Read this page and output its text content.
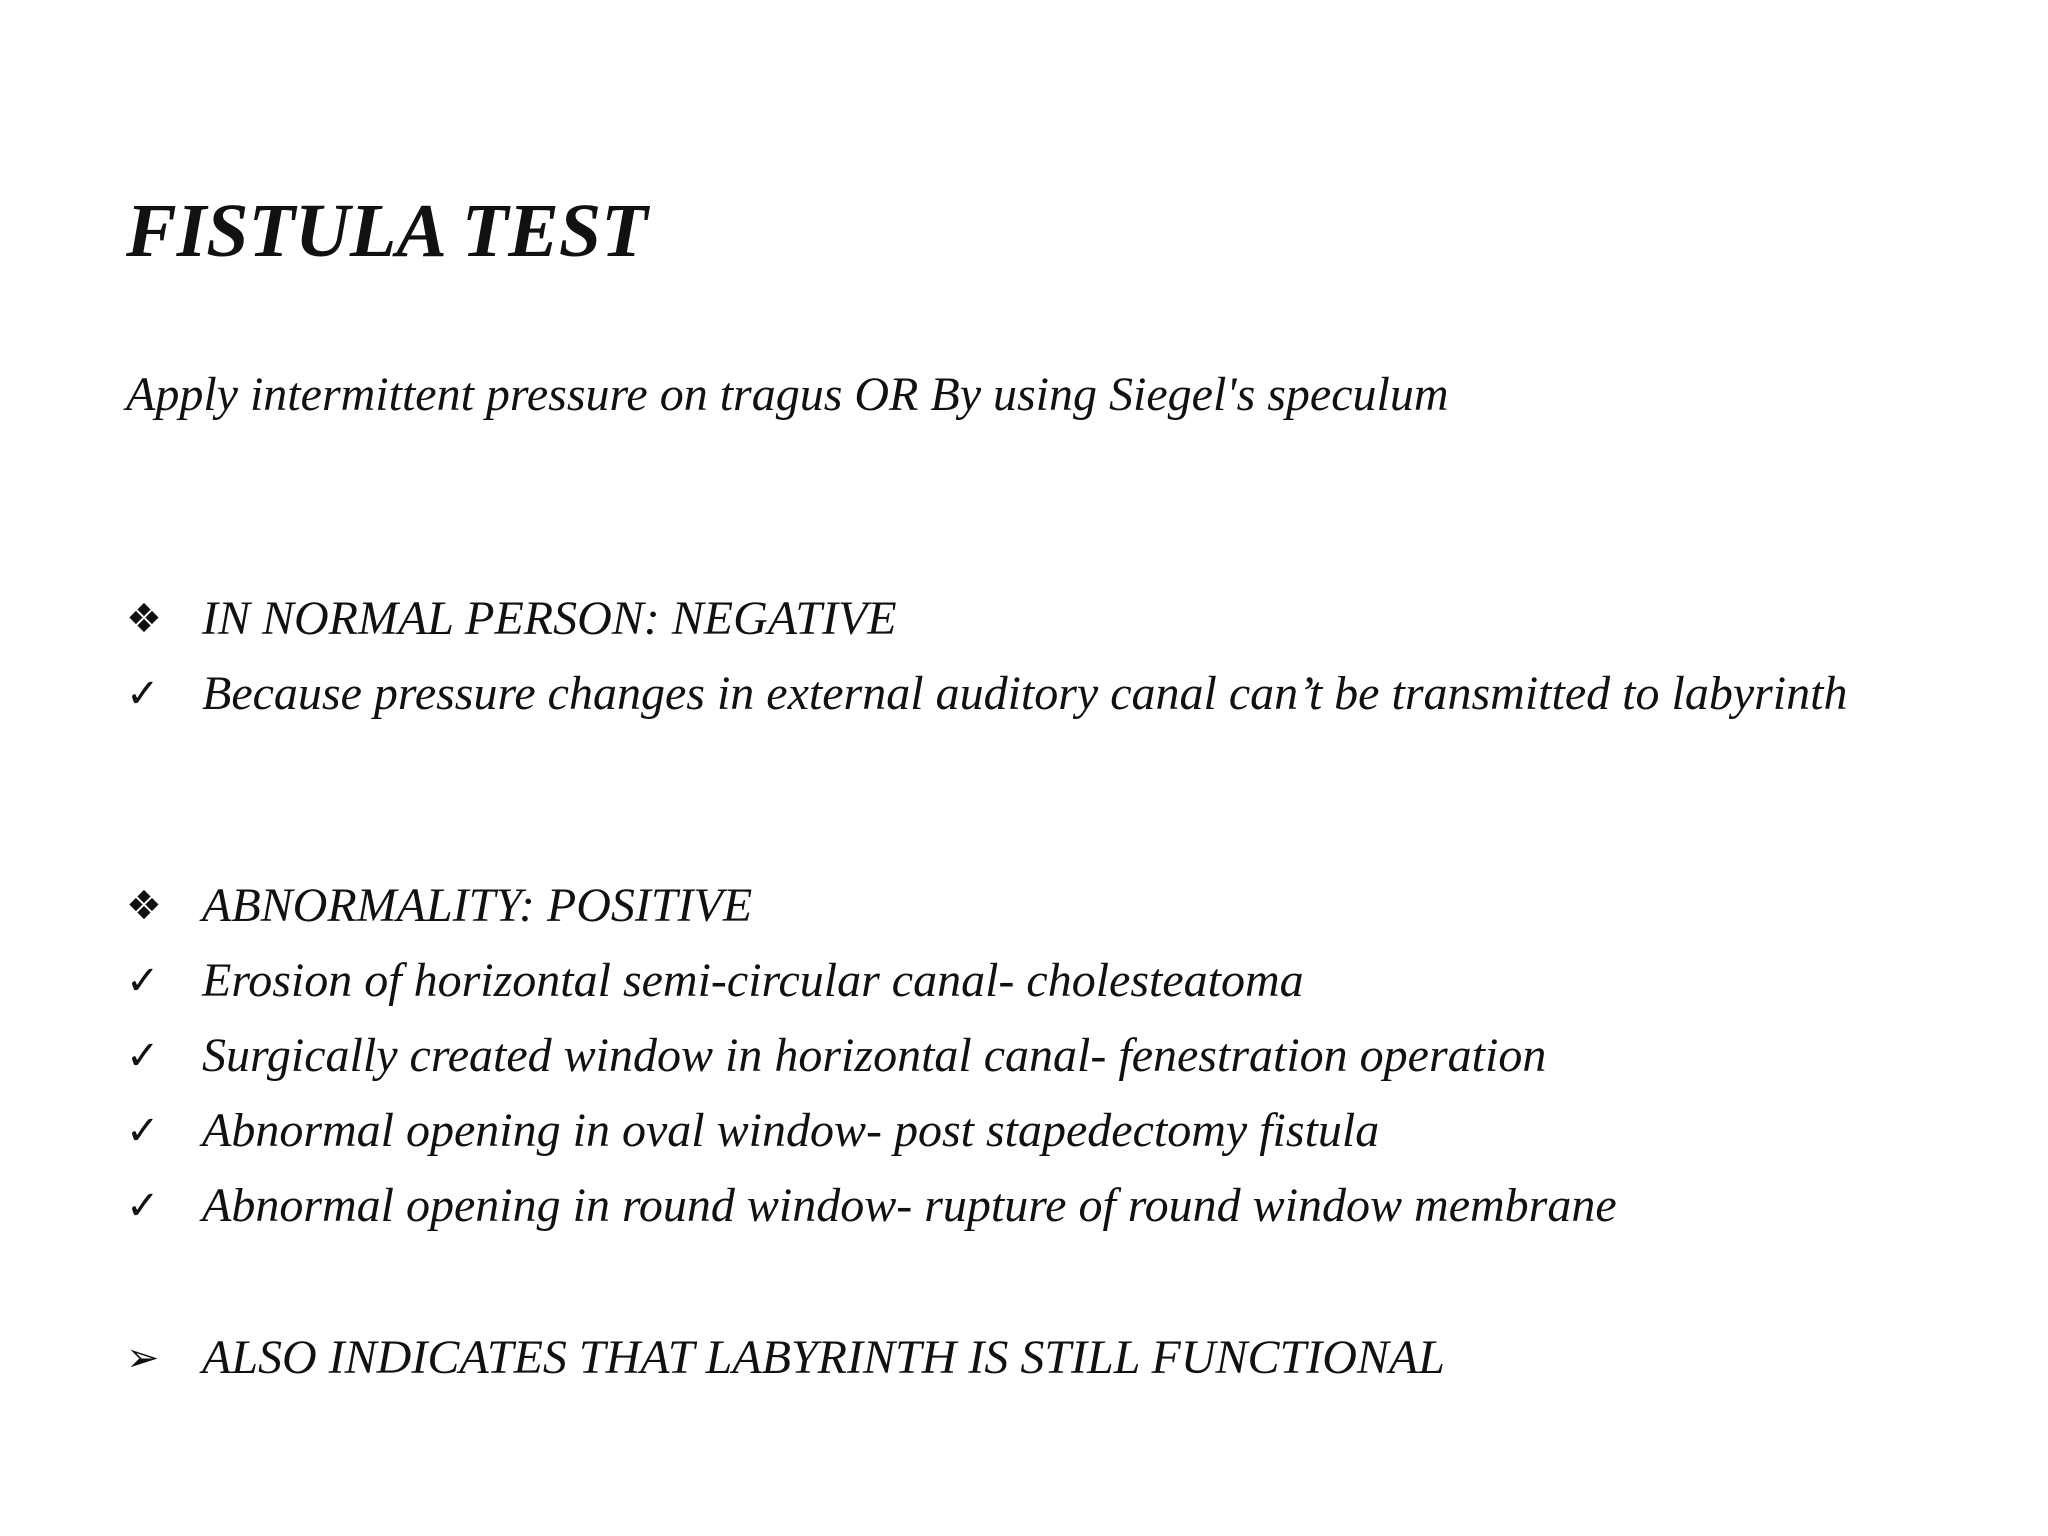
FISTULA TEST

Apply intermittent pressure on tragus OR By using Siegel's speculum

❖ IN NORMAL PERSON: NEGATIVE
✓ Because pressure changes in external auditory canal can’t be transmitted to labyrinth
❖ ABNORMALITY: POSITIVE
✓ Erosion of horizontal semi-circular canal- cholesteatoma
✓ Surgically created window in horizontal canal- fenestration operation
✓ Abnormal opening in oval window- post stapedectomy fistula
✓ Abnormal opening in round window- rupture of round window membrane
➢ ALSO INDICATES THAT LABYRINTH IS STILL FUNCTIONAL
